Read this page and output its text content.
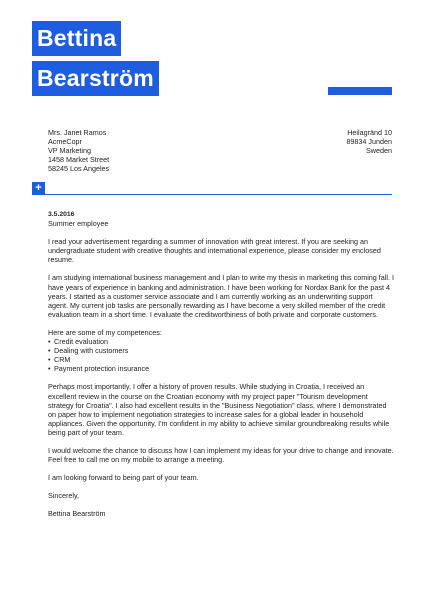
Bettina
Bearström
Mrs. Janet Ramos
AcmeCopr
VP Marketing
1458 Market Street
58245 Los Angeles
Heilagränd 10
89834 Junden
Sweden
+
3.5.2016
Summer employee

I read your advertisement regarding a summer of innovation with great interest. If you are seeking an undergraduate student with creative thoughts and international experience, please consider my enclosed resume.

I am studying international business management and I plan to write my thesis in marketing this coming fall. I have years of experience in banking and administration. I have been working for Nordax Bank for the past 4 years. I started as a customer service associate and I am currently working as an underwriting support agent. My current job tasks are personally rewarding as I have become a very skilled member of the credit evaluation team in a short time. I evaluate the creditworthiness of both private and corporate customers.

Here are some of my competences:
• Credit evaluation
• Dealing with customers
• CRM
• Payment protection insurance

Perhaps most importantly, I offer a history of proven results. While studying in Croatia, I received an excellent review in the course on the Croatian economy with my project paper "Tourism development strategy for Croatia". I also had excellent results in the "Business Negotiation" class, where I demonstrated on paper how to implement negotiation strategies to increase sales for a global leader in household appliances. Given the opportunity, I'm confident in my ability to achieve similar groundbreaking results while being part of your team.

I would welcome the chance to discuss how I can implement my ideas for your drive to change and innovate. Feel free to call me on my mobile to arrange a meeting.

I am looking forward to being part of your team.

Sincerely,
Bettina Bearström
